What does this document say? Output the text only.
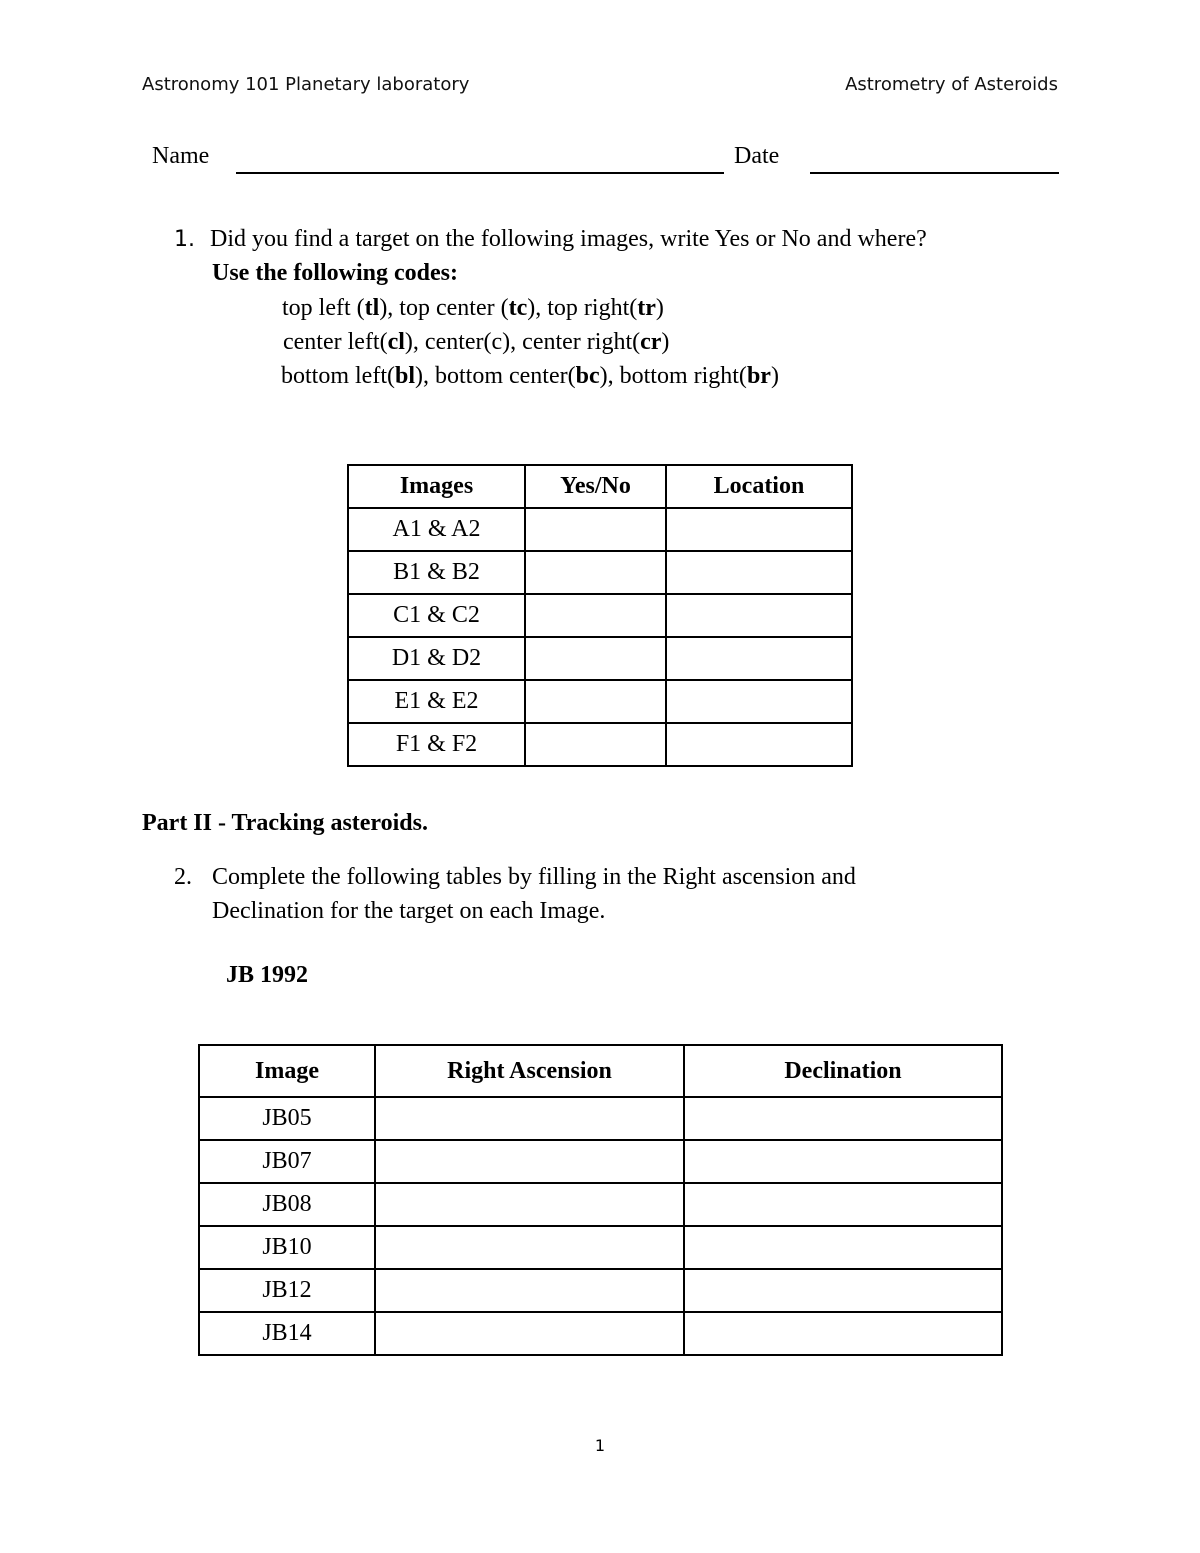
Astronomy 101 Planetary laboratory	Astrometry of Asteroids
Name	Date
1. Did you find a target on the following images, write Yes or No and where?
Use the following codes:
top left (tl), top center (tc), top right(tr)
center left(cl), center(c), center right(cr)
bottom left(bl), bottom center(bc), bottom right(br)
Images	Yes/No	Location
A1 & A2		
B1 & B2		
C1 & C2		
D1 & D2		
E1 & E2		
F1 & F2		
Part II - Tracking asteroids.
2. Complete the following tables by filling in the Right ascension and
Declination for the target on each Image.
JB 1992
Image	Right Ascension	Declination
JB05		
JB07		
JB08		
JB10		
JB12		
JB14		
1
